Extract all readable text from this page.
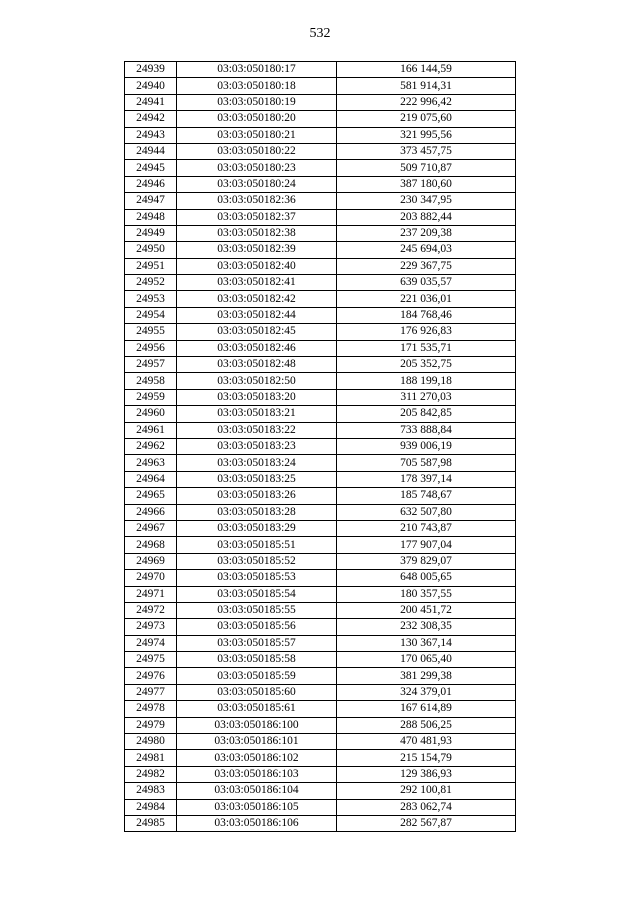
532
24939	03:03:050180:17	166 144,59
24940	03:03:050180:18	581 914,31
24941	03:03:050180:19	222 996,42
24942	03:03:050180:20	219 075,60
24943	03:03:050180:21	321 995,56
24944	03:03:050180:22	373 457,75
24945	03:03:050180:23	509 710,87
24946	03:03:050180:24	387 180,60
24947	03:03:050182:36	230 347,95
24948	03:03:050182:37	203 882,44
24949	03:03:050182:38	237 209,38
24950	03:03:050182:39	245 694,03
24951	03:03:050182:40	229 367,75
24952	03:03:050182:41	639 035,57
24953	03:03:050182:42	221 036,01
24954	03:03:050182:44	184 768,46
24955	03:03:050182:45	176 926,83
24956	03:03:050182:46	171 535,71
24957	03:03:050182:48	205 352,75
24958	03:03:050182:50	188 199,18
24959	03:03:050183:20	311 270,03
24960	03:03:050183:21	205 842,85
24961	03:03:050183:22	733 888,84
24962	03:03:050183:23	939 006,19
24963	03:03:050183:24	705 587,98
24964	03:03:050183:25	178 397,14
24965	03:03:050183:26	185 748,67
24966	03:03:050183:28	632 507,80
24967	03:03:050183:29	210 743,87
24968	03:03:050185:51	177 907,04
24969	03:03:050185:52	379 829,07
24970	03:03:050185:53	648 005,65
24971	03:03:050185:54	180 357,55
24972	03:03:050185:55	200 451,72
24973	03:03:050185:56	232 308,35
24974	03:03:050185:57	130 367,14
24975	03:03:050185:58	170 065,40
24976	03:03:050185:59	381 299,38
24977	03:03:050185:60	324 379,01
24978	03:03:050185:61	167 614,89
24979	03:03:050186:100	288 506,25
24980	03:03:050186:101	470 481,93
24981	03:03:050186:102	215 154,79
24982	03:03:050186:103	129 386,93
24983	03:03:050186:104	292 100,81
24984	03:03:050186:105	283 062,74
24985	03:03:050186:106	282 567,87
